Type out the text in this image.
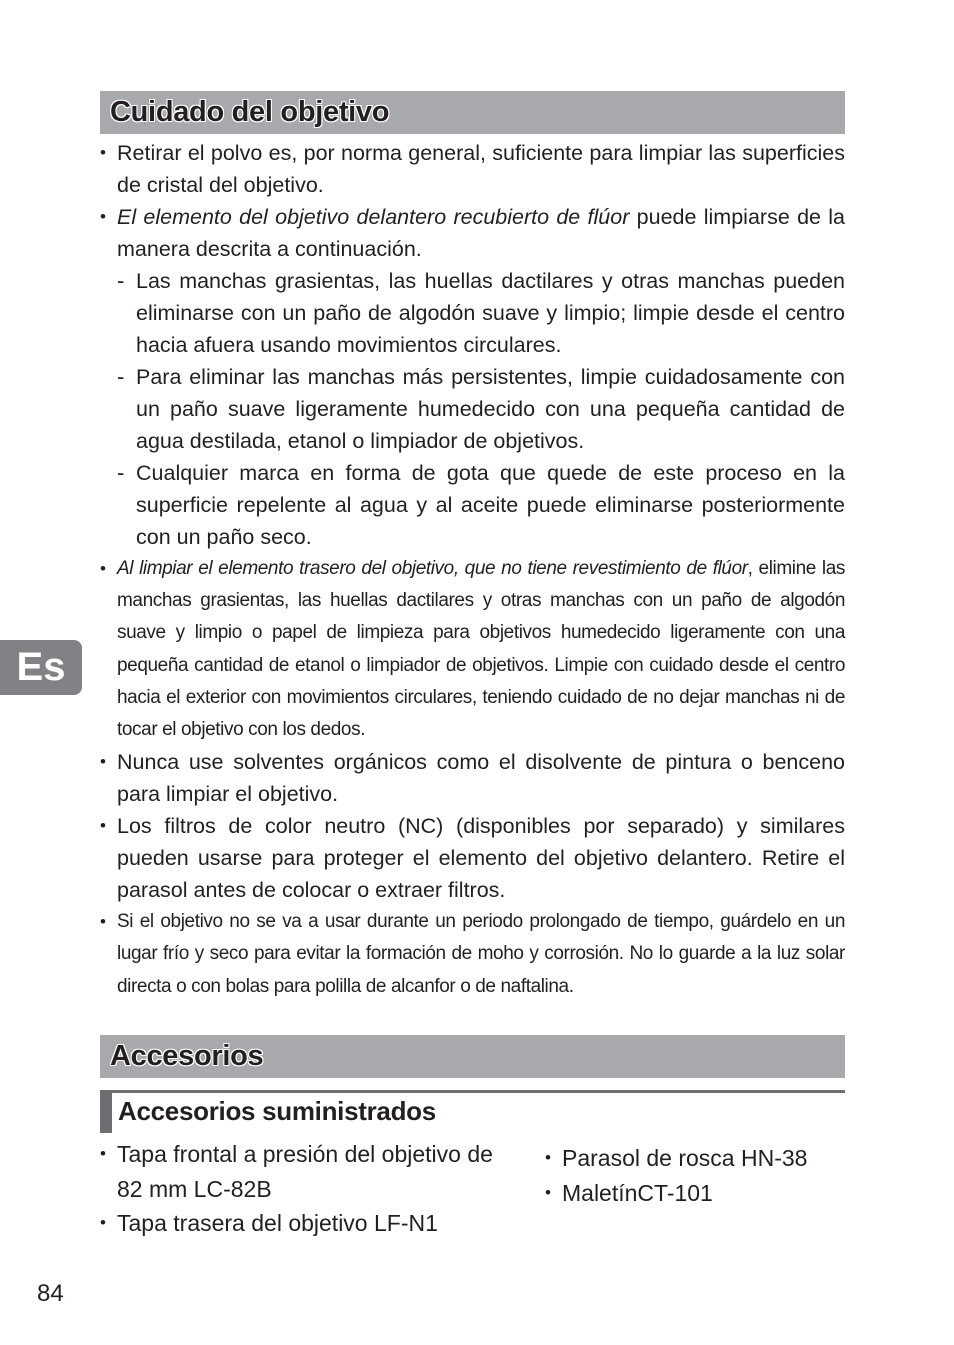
Cuidado del objetivo

• Retirar el polvo es, por norma general, suficiente para limpiar las superficies de cristal del objetivo.

• El elemento del objetivo delantero recubierto de flúor puede limpiarse de la manera descrita a continuación.

- Las manchas grasientas, las huellas dactilares y otras manchas pueden eliminarse con un paño de algodón suave y limpio; limpie desde el centro hacia afuera usando movimientos circulares.

- Para eliminar las manchas más persistentes, limpie cuidadosamente con un paño suave ligeramente humedecido con una pequeña cantidad de agua destilada, etanol o limpiador de objetivos.

- Cualquier marca en forma de gota que quede de este proceso en la superficie repelente al agua y al aceite puede eliminarse posteriormente con un paño seco.

• Al limpiar el elemento trasero del objetivo, que no tiene revestimiento de flúor, elimine las manchas grasientas, las huellas dactilares y otras manchas con un paño de algodón suave y limpio o papel de limpieza para objetivos humedecido ligeramente con una pequeña cantidad de etanol o limpiador de objetivos. Limpie con cuidado desde el centro hacia el exterior con movimientos circulares, teniendo cuidado de no dejar manchas ni de tocar el objetivo con los dedos.

• Nunca use solventes orgánicos como el disolvente de pintura o benceno para limpiar el objetivo.

• Los filtros de color neutro (NC) (disponibles por separado) y similares pueden usarse para proteger el elemento del objetivo delantero. Retire el parasol antes de colocar o extraer filtros.

• Si el objetivo no se va a usar durante un periodo prolongado de tiempo, guárdelo en un lugar frío y seco para evitar la formación de moho y corrosión. No lo guarde a la luz solar directa o con bolas para polilla de alcanfor o de naftalina.

Accesorios
Accesorios suministrados

• Tapa frontal a presión del objetivo de 82 mm LC-82B

• Tapa trasera del objetivo LF-N1

• Parasol de rosca HN-38

• MaletínCT-101

Es
84
